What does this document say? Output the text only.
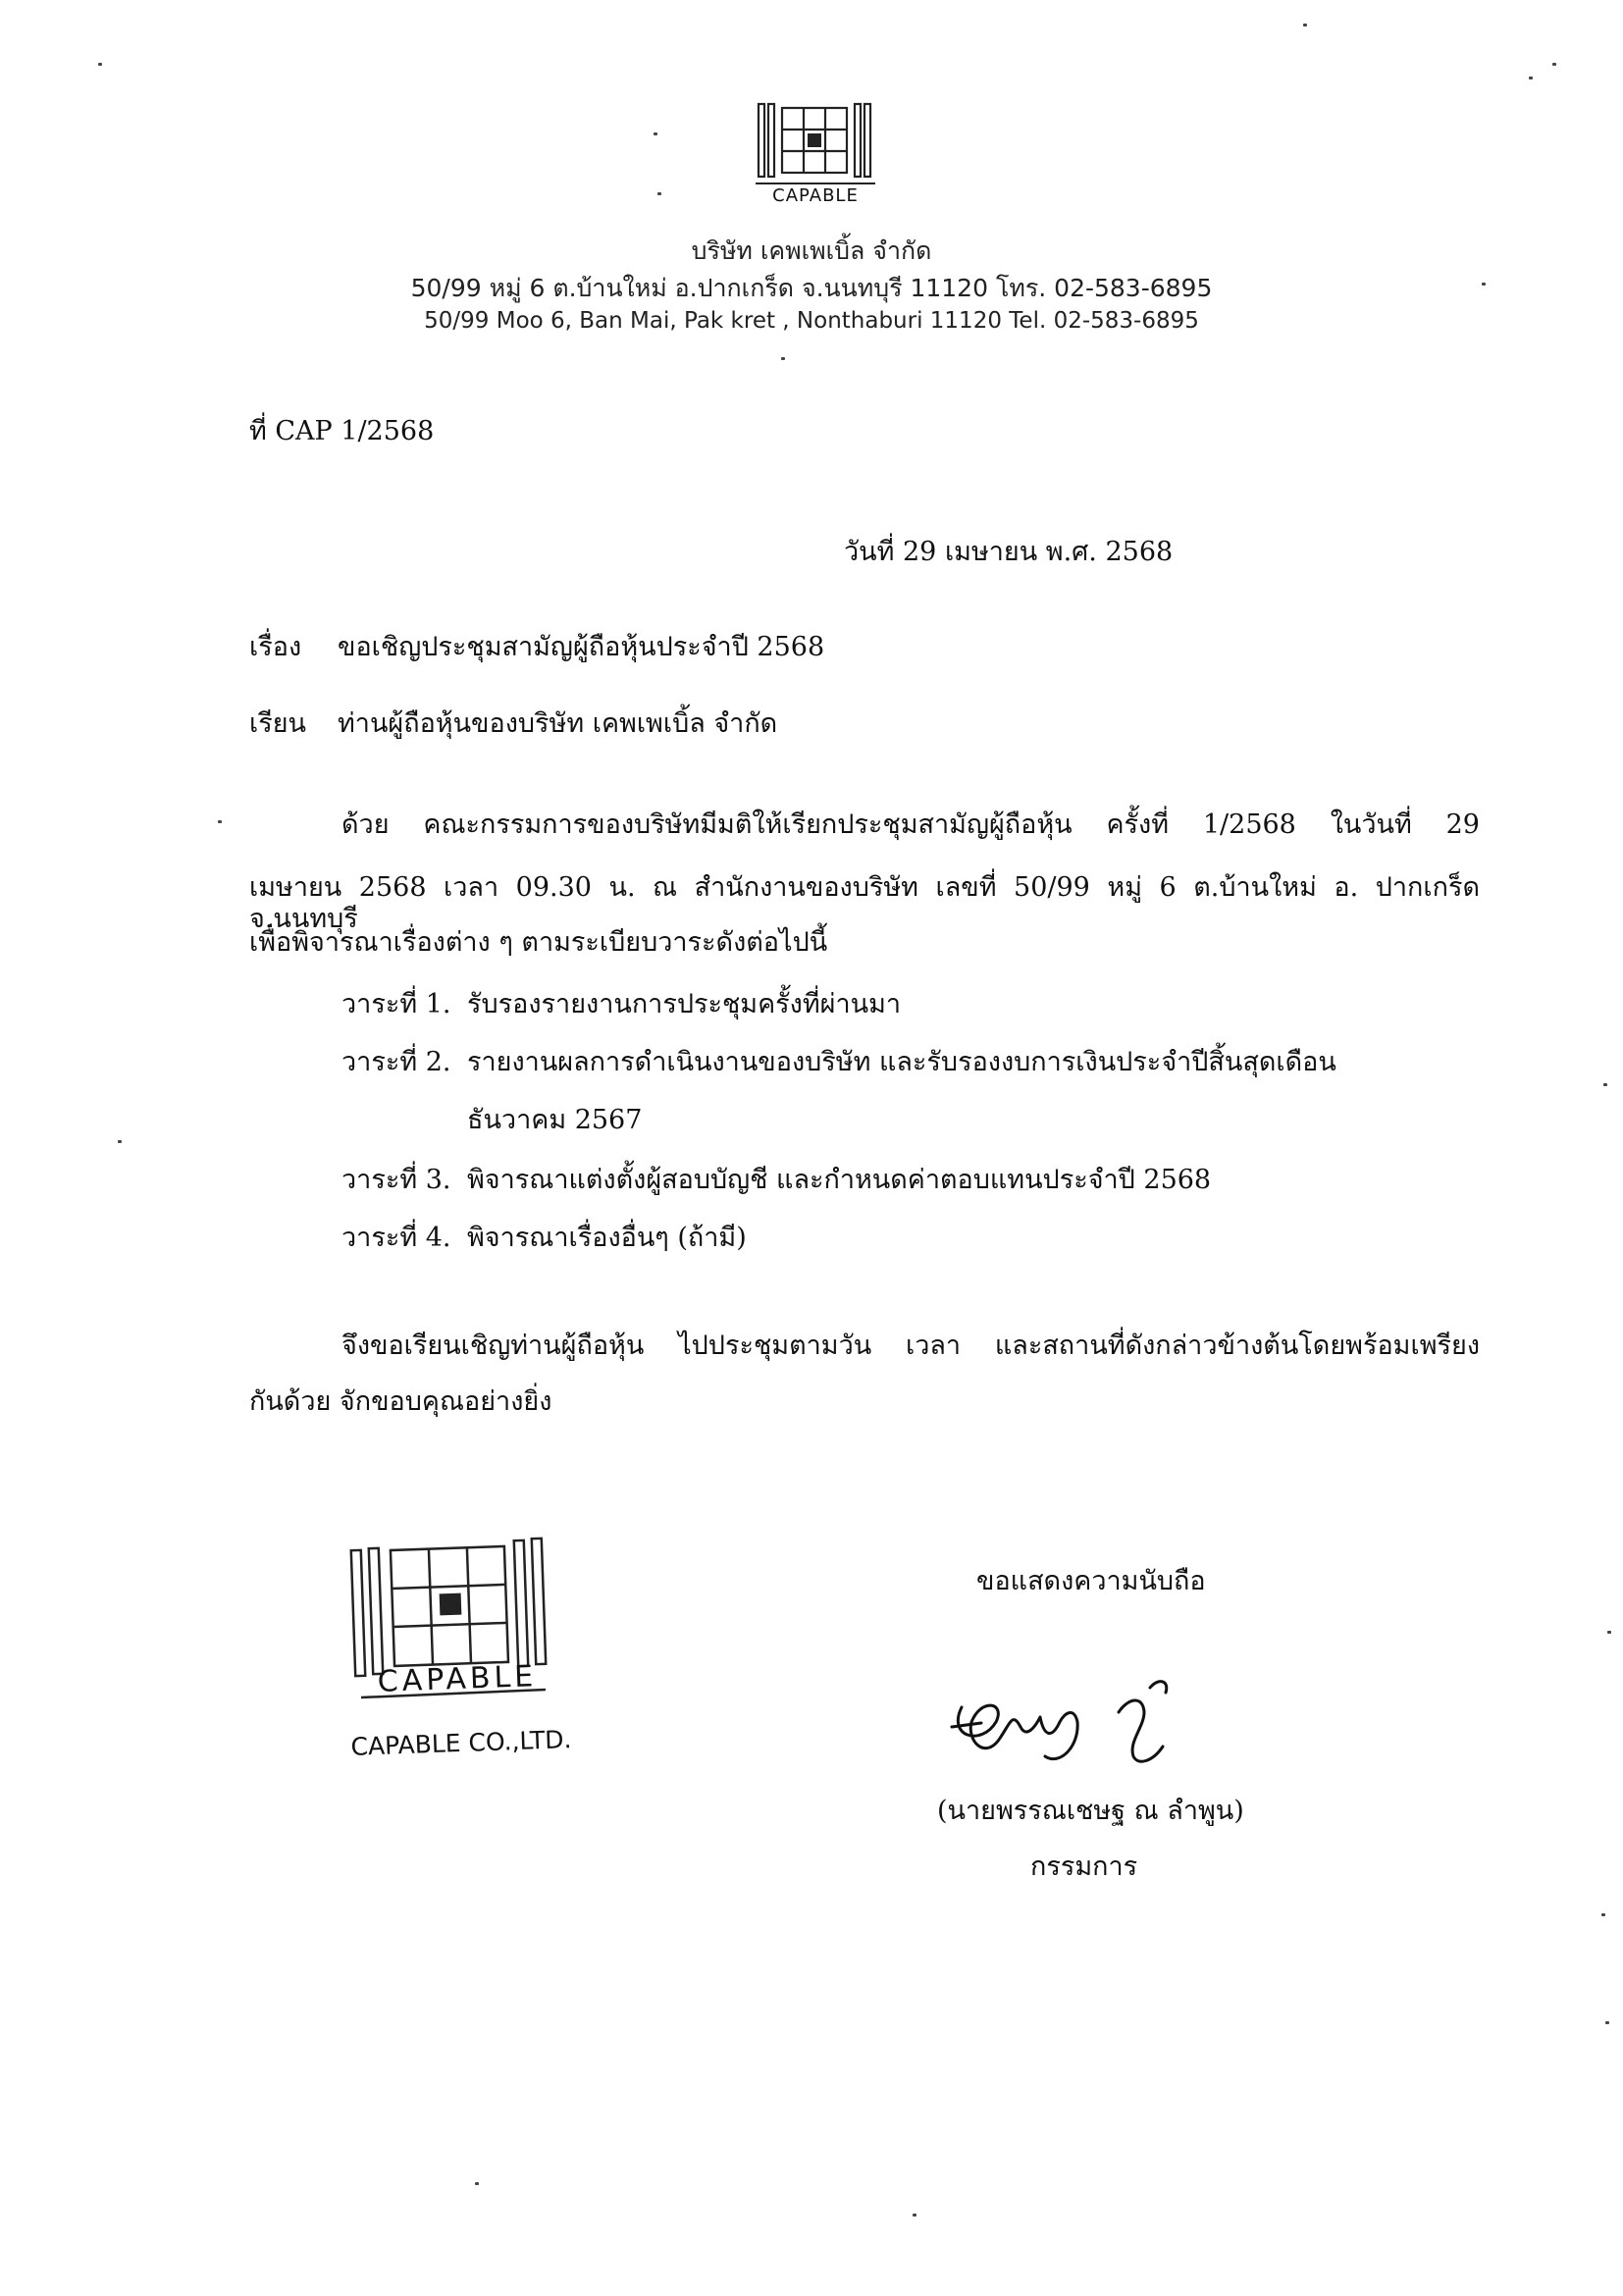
CAPABLE
บริษัท เคพเพเบิ้ล จำกัด
50/99 หมู่ 6 ต.บ้านใหม่ อ.ปากเกร็ด จ.นนทบุรี 11120 โทร. 02-583-6895
50/99 Moo 6, Ban Mai, Pak kret , Nonthaburi 11120 Tel. 02-583-6895
ที่ CAP 1/2568
วันที่ 29 เมษายน พ.ศ. 2568
เรื่อง ขอเชิญประชุมสามัญผู้ถือหุ้นประจำปี 2568
เรียน ท่านผู้ถือหุ้นของบริษัท เคพเพเบิ้ล จำกัด
ด้วย คณะกรรมการของบริษัทมีมติให้เรียกประชุมสามัญผู้ถือหุ้น ครั้งที่ 1/2568 ในวันที่ 29
เมษายน 2568 เวลา 09.30 น. ณ สำนักงานของบริษัท เลขที่ 50/99 หมู่ 6 ต.บ้านใหม่ อ. ปากเกร็ด จ.นนทบุรี
เพื่อพิจารณาเรื่องต่าง ๆ ตามระเบียบวาระดังต่อไปนี้
วาระที่ 1. รับรองรายงานการประชุมครั้งที่ผ่านมา
วาระที่ 2. รายงานผลการดำเนินงานของบริษัท และรับรองงบการเงินประจำปีสิ้นสุดเดือน
ธันวาคม 2567
วาระที่ 3. พิจารณาแต่งตั้งผู้สอบบัญชี และกำหนดค่าตอบแทนประจำปี 2568
วาระที่ 4. พิจารณาเรื่องอื่นๆ (ถ้ามี)
จึงขอเรียนเชิญท่านผู้ถือหุ้น ไปประชุมตามวัน เวลา และสถานที่ดังกล่าวข้างต้นโดยพร้อมเพรียง
กันด้วย จักขอบคุณอย่างยิ่ง
CAPABLE
CAPABLE CO.,LTD.
ขอแสดงความนับถือ
(นายพรรณเชษฐ ณ ลำพูน)
กรรมการ
